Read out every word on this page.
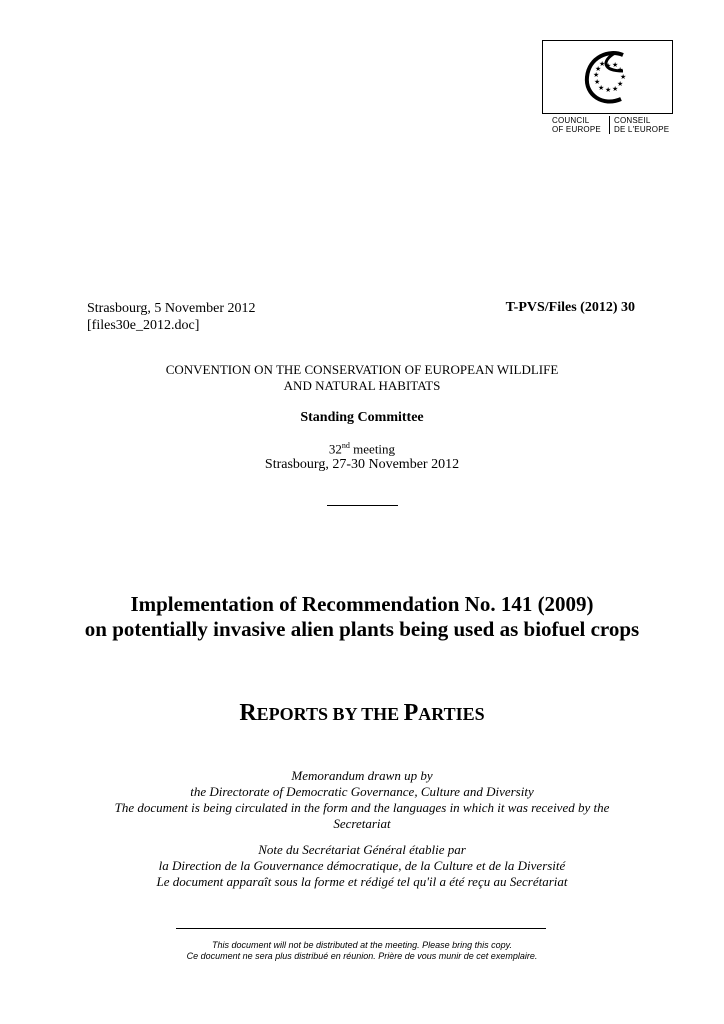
★ ★
★
★
★
★
★
★
★
★
★
★
COUNCIL
OF EUROPE
CONSEIL
DE L'EUROPE
Strasbourg, 5 November 2012
[files30e_2012.doc]
T-PVS/Files (2012) 30
CONVENTION ON THE CONSERVATION OF EUROPEAN WILDLIFE
AND NATURAL HABITATS
Standing Committee
32nd meeting
Strasbourg, 27-30 November 2012
Implementation of Recommendation No. 141 (2009)
on potentially invasive alien plants being used as biofuel crops
REPORTS BY THE PARTIES
Memorandum drawn up by
the Directorate of Democratic Governance, Culture and Diversity
The document is being circulated in the form and the languages in which it was received by the
Secretariat
Note du Secrétariat Général établie par
la Direction de la Gouvernance démocratique, de la Culture et de la Diversité
Le document apparaît sous la forme et rédigé tel qu'il a été reçu au Secrétariat
This document will not be distributed at the meeting. Please bring this copy.
Ce document ne sera plus distribué en réunion. Prière de vous munir de cet exemplaire.
